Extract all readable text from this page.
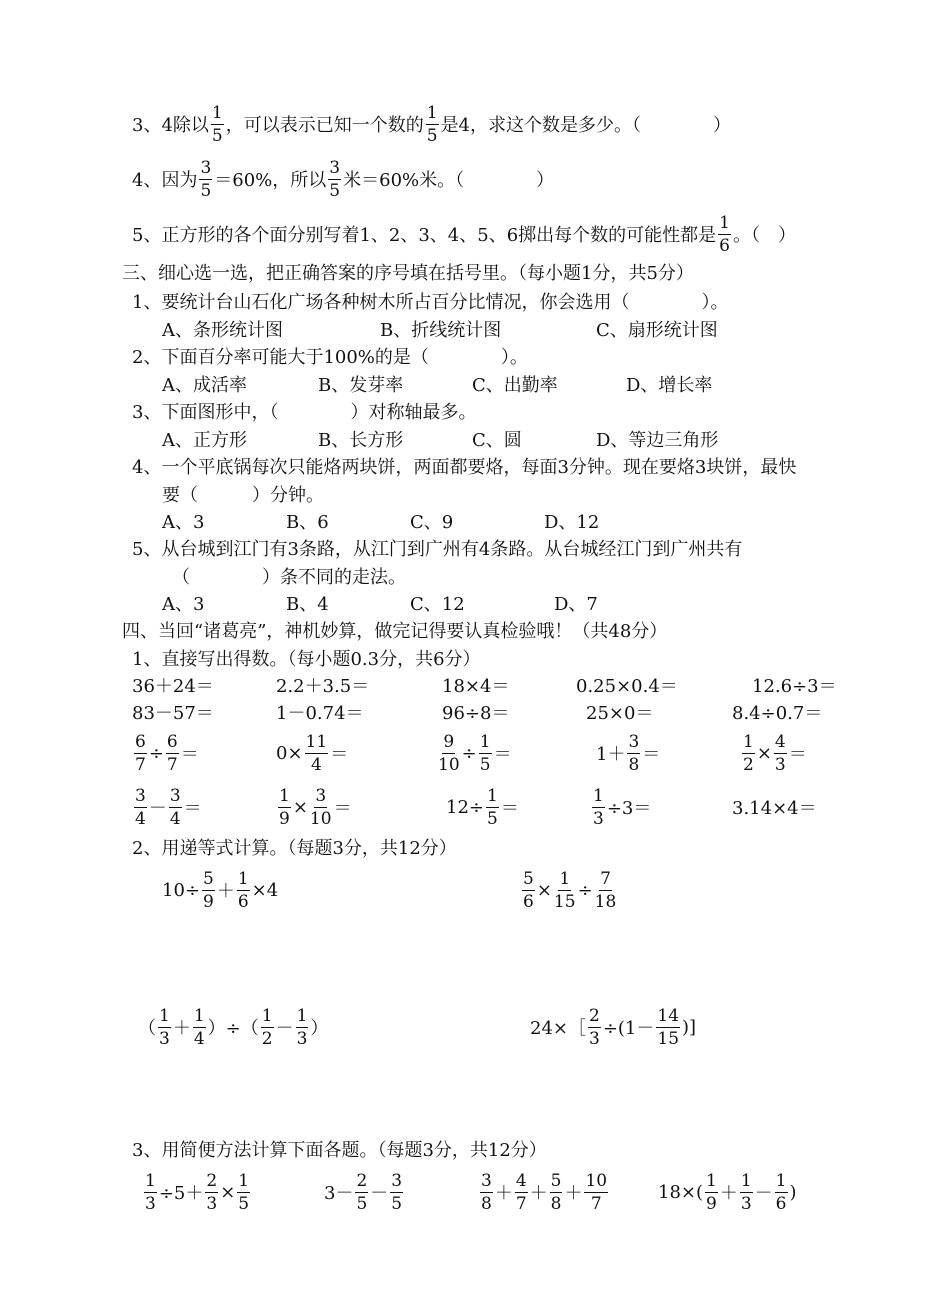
3、4除以 $\frac{1}{5}$ ，可以表示已知一个数的 $\frac{1}{5}$ 是4，求这个数是多少。（　　　　）
4、因为 $\frac{3}{5} =60\%$，所以 $\frac{3}{5}$ 米＝60%米。（　　　　）
5、正方形的各个面分别写着1、2、3、4、5、6掷出每个数的可能性都是 $\frac{1}{6}$ 。（　）
三、细心选一选，把正确答案的序号填在括号里。（每小题1分，共5分）
1、要统计台山石化广场各种树木所占百分比情况，你会选用（　　　　）。
A、条形统计图	B、折线统计图	C、扇形统计图
2、下面百分率可能大于100%的是（　　　　）。
A、成活率	B、发芽率	C、出勤率	D、增长率
3、下面图形中，（　　　　）对称轴最多。
A、正方形	B、长方形	C、圆	D、等边三角形
4、一个平底锅每次只能烙两块饼，两面都要烙，每面3分钟。现在要烙3块饼，最快
要（　　　）分钟。
A、3	B、6	C、9	D、12
5、从台城到江门有3条路，从江门到广州有4条路。从台城经江门到广州共有
（　　　　）条不同的走法。
A、3	B、4	C、12	D、7
四、当回“诸葛亮”，神机妙算，做完记得要认真检验哦！（共48分）
1、直接写出得数。（每小题0.3分，共6分）
36＋24＝	2.2＋3.5＝	18×4＝	0.25×0.4＝	12.6÷3＝
83－57＝	1－0.74＝	96÷8＝	25×0＝	8.4÷0.7＝
$\frac{6}{7} \div \frac{6}{7}$ ＝	$0\times \frac{11}{4}$ ＝	$\frac{9}{10} \div \frac{1}{5}$ ＝	$1+ \frac{3}{8}$ ＝	$\frac{1}{2} \times \frac{4}{3}$ ＝
$\frac{3}{4} - \frac{3}{4}$ ＝	$\frac{1}{9} \times \frac{3}{10}$ ＝	$12\div \frac{1}{5}$ ＝	$\frac{1}{3} \div 3=$	3.14×4＝
2、用递等式计算。（每题3分，共12分）
$10\div \frac{5}{9} + \frac{1}{6} \times 4$	$\frac{5}{6} \times \frac{1}{15} \div \frac{7}{18}$
（ $\frac{1}{3} + \frac{1}{4}$ ）÷（ $\frac{1}{2} - \frac{1}{3}$ ）	24×［ $\frac{2}{3} \div(1- \frac{14}{15}$ )]
3、用简便方法计算下面各题。（每题3分，共12分）
$\frac{1}{3} \div 5+ \frac{2}{3} \times \frac{1}{5}$	$3- \frac{2}{5} - \frac{3}{5}$	$\frac{3}{8} + \frac{4}{7} + \frac{5}{8} + \frac{10}{7}$	$18\times( \frac{1}{9} + \frac{1}{3} - \frac{1}{6}$ )
